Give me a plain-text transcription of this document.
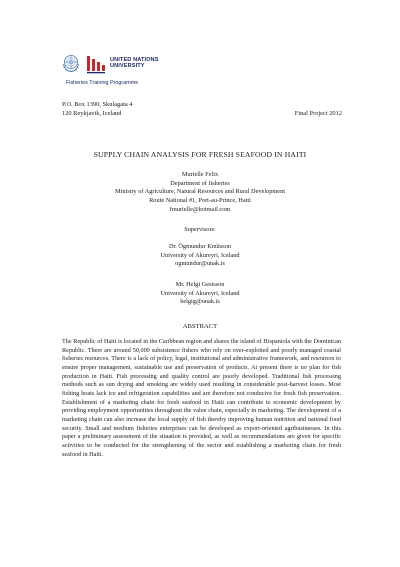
UNITED NATIONS
UNIVERSITY
Fisheries Training Programme
P.O. Box 1390, Skulagata 4
120 Reykjavik, Iceland	Final Project 2012
SUPPLY CHAIN ANALYSIS FOR FRESH SEAFOOD IN HAITI
Murielle Felix
Department of fisheries
Ministry of Agriculture, Natural Resources and Rural Development
Route National #1, Port-au-Prince, Haiti
fmurielle@hotmail.com
Supervisors:
Dr. Ögmundur Knútsson
University of Akureyri, Iceland
ogmundur@unak.is
Mr. Helgi Gestsson
University of Akureyri, Iceland
helgig@unak.is
ABSTRACT
The Republic of Haiti is located in the Caribbean region and shares the island of Hispaniola with the Dominican Republic. There are around 50,000 subsistence fishers who rely on over-exploited and poorly managed coastal fisheries resources. There is a lack of policy, legal, institutional and administrative framework, and resources to ensure proper management, sustainable use and preservation of products. At present there is no plan for fish production in Haiti. Fish processing and quality control are poorly developed. Traditional fish processing methods such as sun drying and smoking are widely used resulting in considerable post-harvest losses. Most fishing boats lack ice and refrigeration capabilities and are therefore not conducive for fresh fish preservation. Establishment of a marketing chain for fresh seafood in Haiti can contribute to economic development by providing employment opportunities throughout the value chain, especially in marketing. The development of a marketing chain can also increase the local supply of fish thereby improving human nutrition and national food security. Small and medium fisheries enterprises can be developed as export-oriented agribusinesses. In this paper a preliminary assessment of the situation is provided, as well as recommendations are given for specific activities to be conducted for the strengthening of the sector and establishing a marketing chain for fresh seafood in Haiti.
